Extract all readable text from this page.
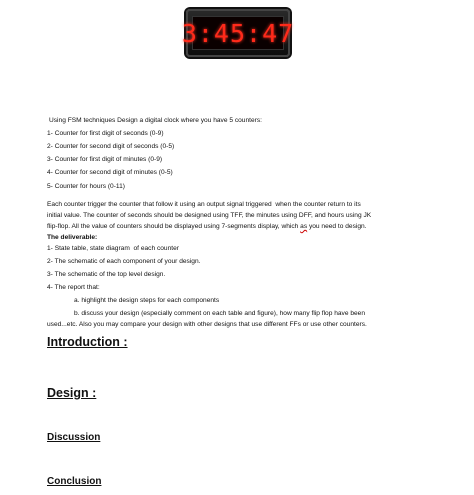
3:45:47
Using FSM techniques Design a digital clock where you have 5 counters:
1- Counter for first digit of seconds (0-9)
2- Counter for second digit of seconds (0-5)
3- Counter for first digit of minutes (0-9)
4- Counter for second digit of minutes (0-5)
5- Counter for hours (0-11)
Each counter trigger the counter that follow it using an output signal triggered  when the counter return to its
initial value. The counter of seconds should be designed using TFF, the minutes using DFF, and hours using JK
flip-flop. All the value of counters should be displayed using 7-segments display, which as you need to design.
The deliverable:
1- State table, state diagram  of each counter
2- The schematic of each component of your design.
3- The schematic of the top level design.
4- The report that:
a. highlight the design steps for each components
b. discuss your design (especially comment on each table and figure), how many flip flop have been
used...etc. Also you may compare your design with other designs that use different FFs or use other counters.
Introduction :
Design :
Discussion
Conclusion
